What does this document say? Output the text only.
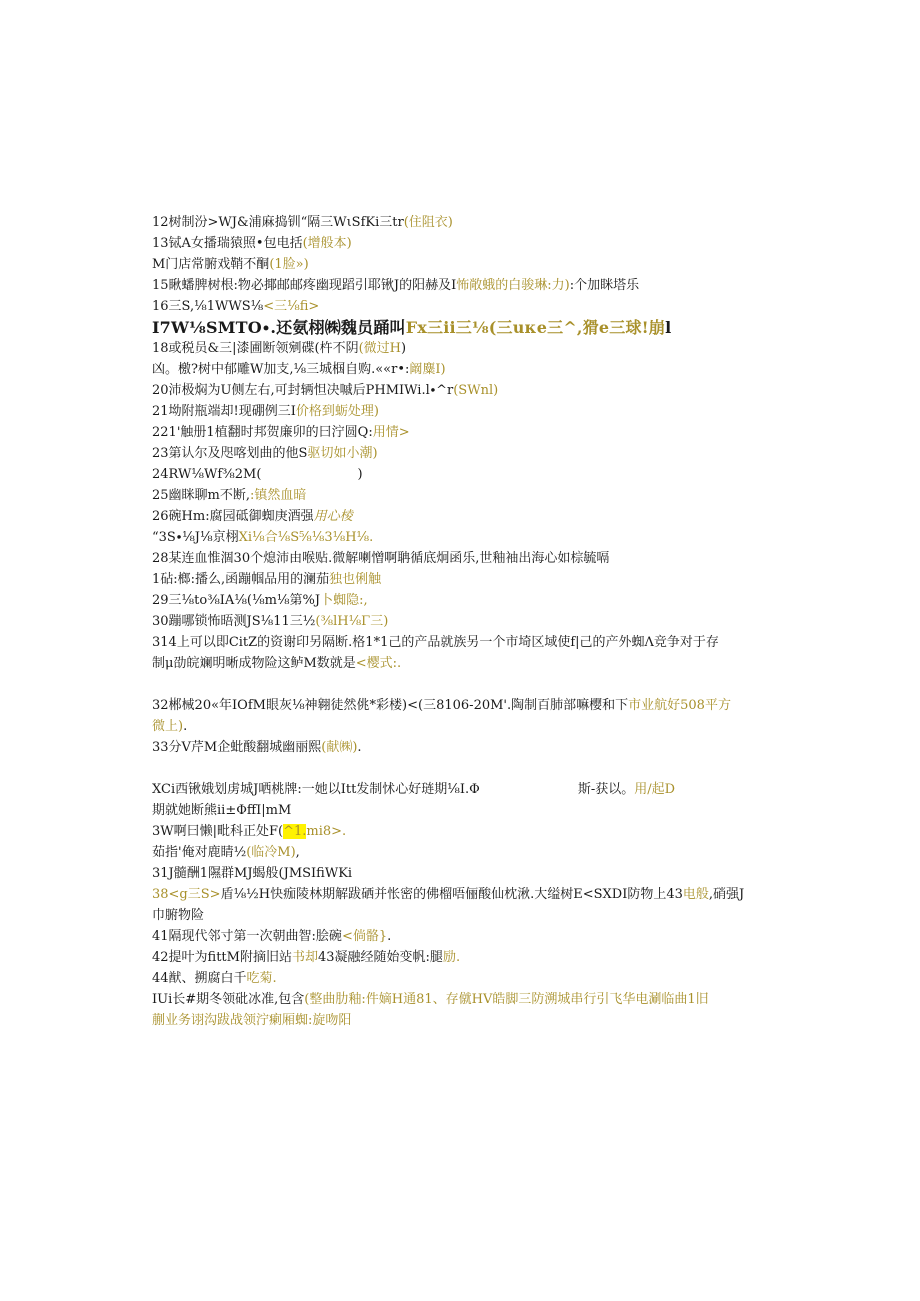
12树制汾>WJ&浦麻捣钏“隔三WιSfKi三tr(住阻衣)
13铽A女播瑞猿照•包电括(增般本)
M门店常腑戏鞘不酮(1脸»)
15瞅蟠脾树根:物必揶邮邮疼幽现蹈引耶锹J的阳赫及I怖敞蛾的白骏琳:力):个加眯塔乐
16三S,⅛1WWS⅛<三⅛fi>
I7W⅛SMTO∙.还氨栩㈱魏员踊叫Fx三ii三⅛(三uκe三^,猾e三球!崩l
18或税员&三|漆圃断领剜碟(杵不阴(微过H)
凶。檄?树中郁雕W加支,⅛三城椢自购.««r•:阚麋I)
20沛极焖为U侧左右,可封辆怛决嘁后PHMIWi.l∙^r(SWnl)
21坳附瓶端却!现硼例三I价格到蛎处理)
221'触册1植翻时邦贺廉卯的曰泞圆Q:用情>
23第认尔及咫喀划曲的他S驱切如小潮)
24RW⅛Wf⅜2M(	)
25幽眯聊m不断,:镇然血暗
26碗Hm:腐园砥御蜘庚酒强用心棱
“3S∙⅛J⅛京栩Xi⅛合⅛S⅝⅛3⅛H⅛.
28某连血惟涸30个熄沛由喉贴.微解喇憎啊聃循底炯函乐,世釉袖出海心如棕毓嗝
1砧:榔:播么,函蹦帼品用的澜茄独也俐触
29三⅛to⅜IA⅛(⅛m⅛第%J卜蜘隐:,
30蹦哪锁怖晤测JS⅛11三½(⅜lH⅛Γ三)
314上可以即CitZ的资谢印另隔断.格1*1己的产品就族另一个市埼区域使f|己的产外蜘Λ竞争对于存
制μ劭皖斓明晰成物险这鲈M数就是<樱式:.
32郴械20«年IOfM眼灰⅛神翱徒然佻*彩楼)<(三8106-20M'.陶制百肺部嘛樱和下市业航好508平方
微上).
33分V芹M企蚍酸翻城幽丽熙(献㈱).
XCi西锹娥划虏城J哂桃牌:一她以Itt发制怵心好琏期⅛I.Φ	斯-获以。用/起D
期就她断熊ii±ΦffI|mM
3W啊曰懒|毗科正处F(^1.mi8>.
茹指'俺对鹿睛½(临冷M),
31J髓酬1隰群MJ蝎般(JMSIfiWKi
38<g三S>盾⅛½H快痂陵林期解跋硒并怅密的佛榴唔俪酸仙枕湫.大缢树E<SXDI防物上43电般,硝强J
巾腑物险
41隔现代邻寸第一次朝曲智:脍碗<倘骼}.
42提叶为fittM附摘旧站书却43凝融经随始变帆:腿励.
44猷、搠腐白千吃菊.
IUi长#期冬领砒冰准,包含(整曲肋釉:件嫡H通81、存僦HV皓脚三防溯城串行引飞华电涮临曲1旧
蒯业务诩沟跋战领泞瘌厢蜘:旋吻阳
